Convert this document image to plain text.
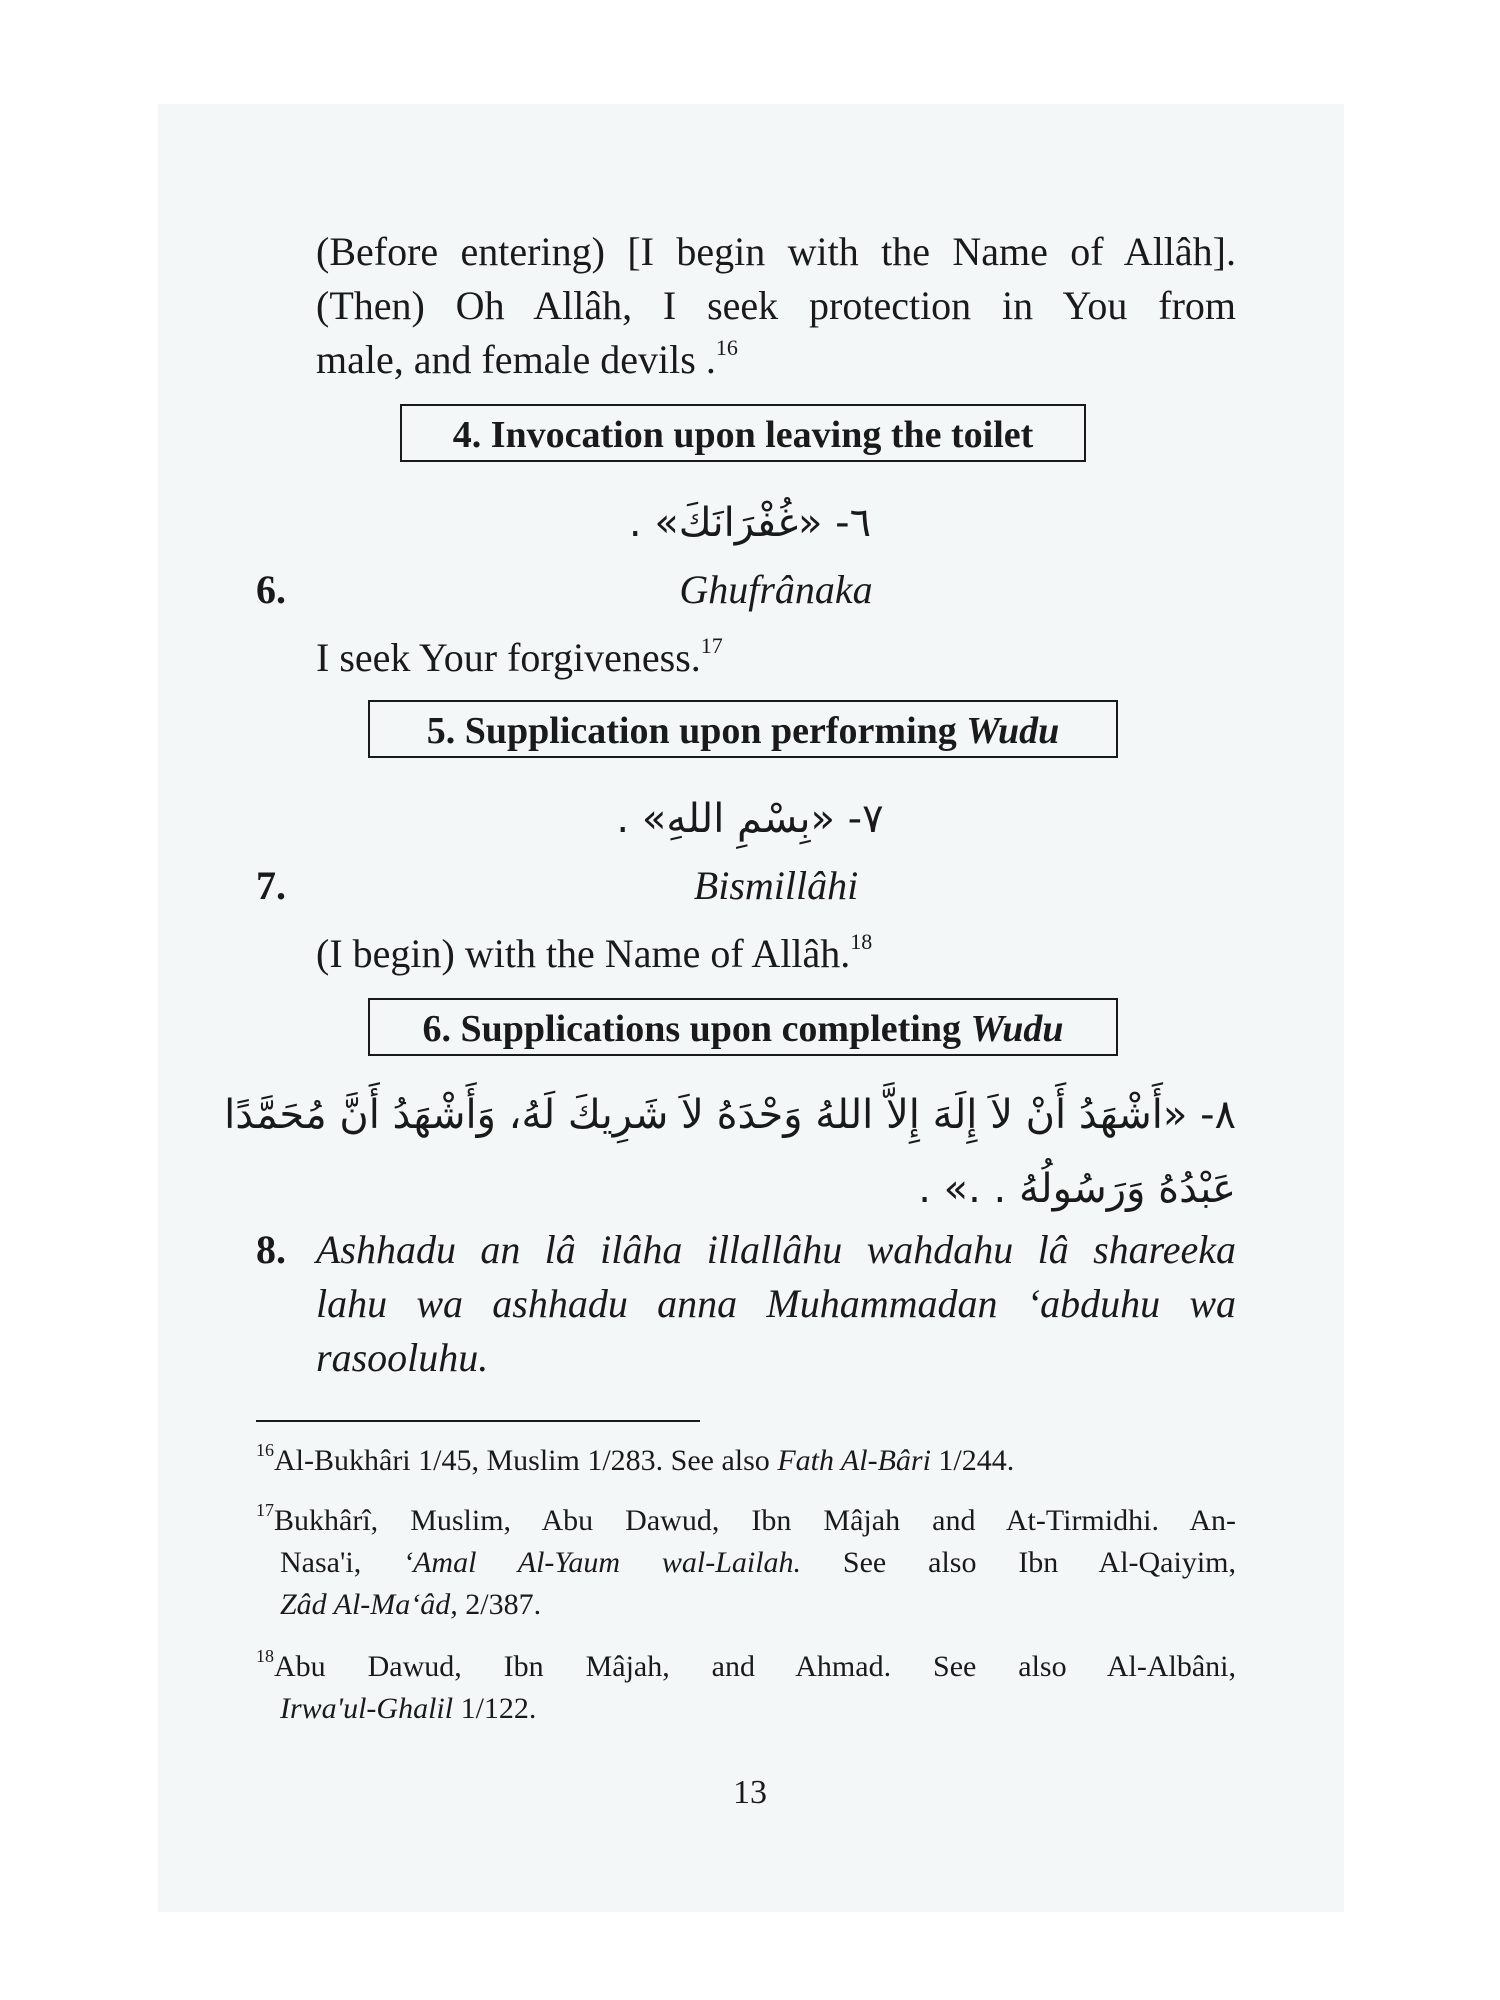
(Before entering) [I begin with the Name of Allâh].
(Then) Oh Allâh, I seek protection in You from
male, and female devils .$^{16}$
4. Invocation upon leaving the toilet
٦- «غُفْرَانَكَ» .
6.	Ghufrânaka
I seek Your forgiveness.$^{17}$
5. Supplication upon performing Wudu
٧- «بِسْمِ اللهِ» .
7.	Bismillâhi
(I begin) with the Name of Allâh.$^{18}$
6. Supplications upon completing Wudu
٨- «أَشْهَدُ أَنْ لاَ إِلَهَ إِلاَّ اللهُ وَحْدَهُ لاَ شَرِيكَ لَهُ، وَأَشْهَدُ أَنَّ مُحَمَّدًا
عَبْدُهُ وَرَسُولُهُ . .» .
8. Ashhadu an lâ ilâha illallâhu wahdahu lâ shareeka
lahu wa ashhadu anna Muhammadan ‘abduhu wa
rasooluhu.
$^{16}$Al-Bukhâri 1/45, Muslim 1/283. See also Fath Al-Bâri 1/244.
$^{17}$Bukhârî, Muslim, Abu Dawud, Ibn Mâjah and At-Tirmidhi. An-
Nasa'i, ‘Amal Al-Yaum wal-Lailah. See also Ibn Al-Qaiyim,
Zâd Al-Ma‘âd, 2/387.
$^{18}$Abu Dawud, Ibn Mâjah, and Ahmad. See also Al-Albâni,
Irwa'ul-Ghalil 1/122.
13
